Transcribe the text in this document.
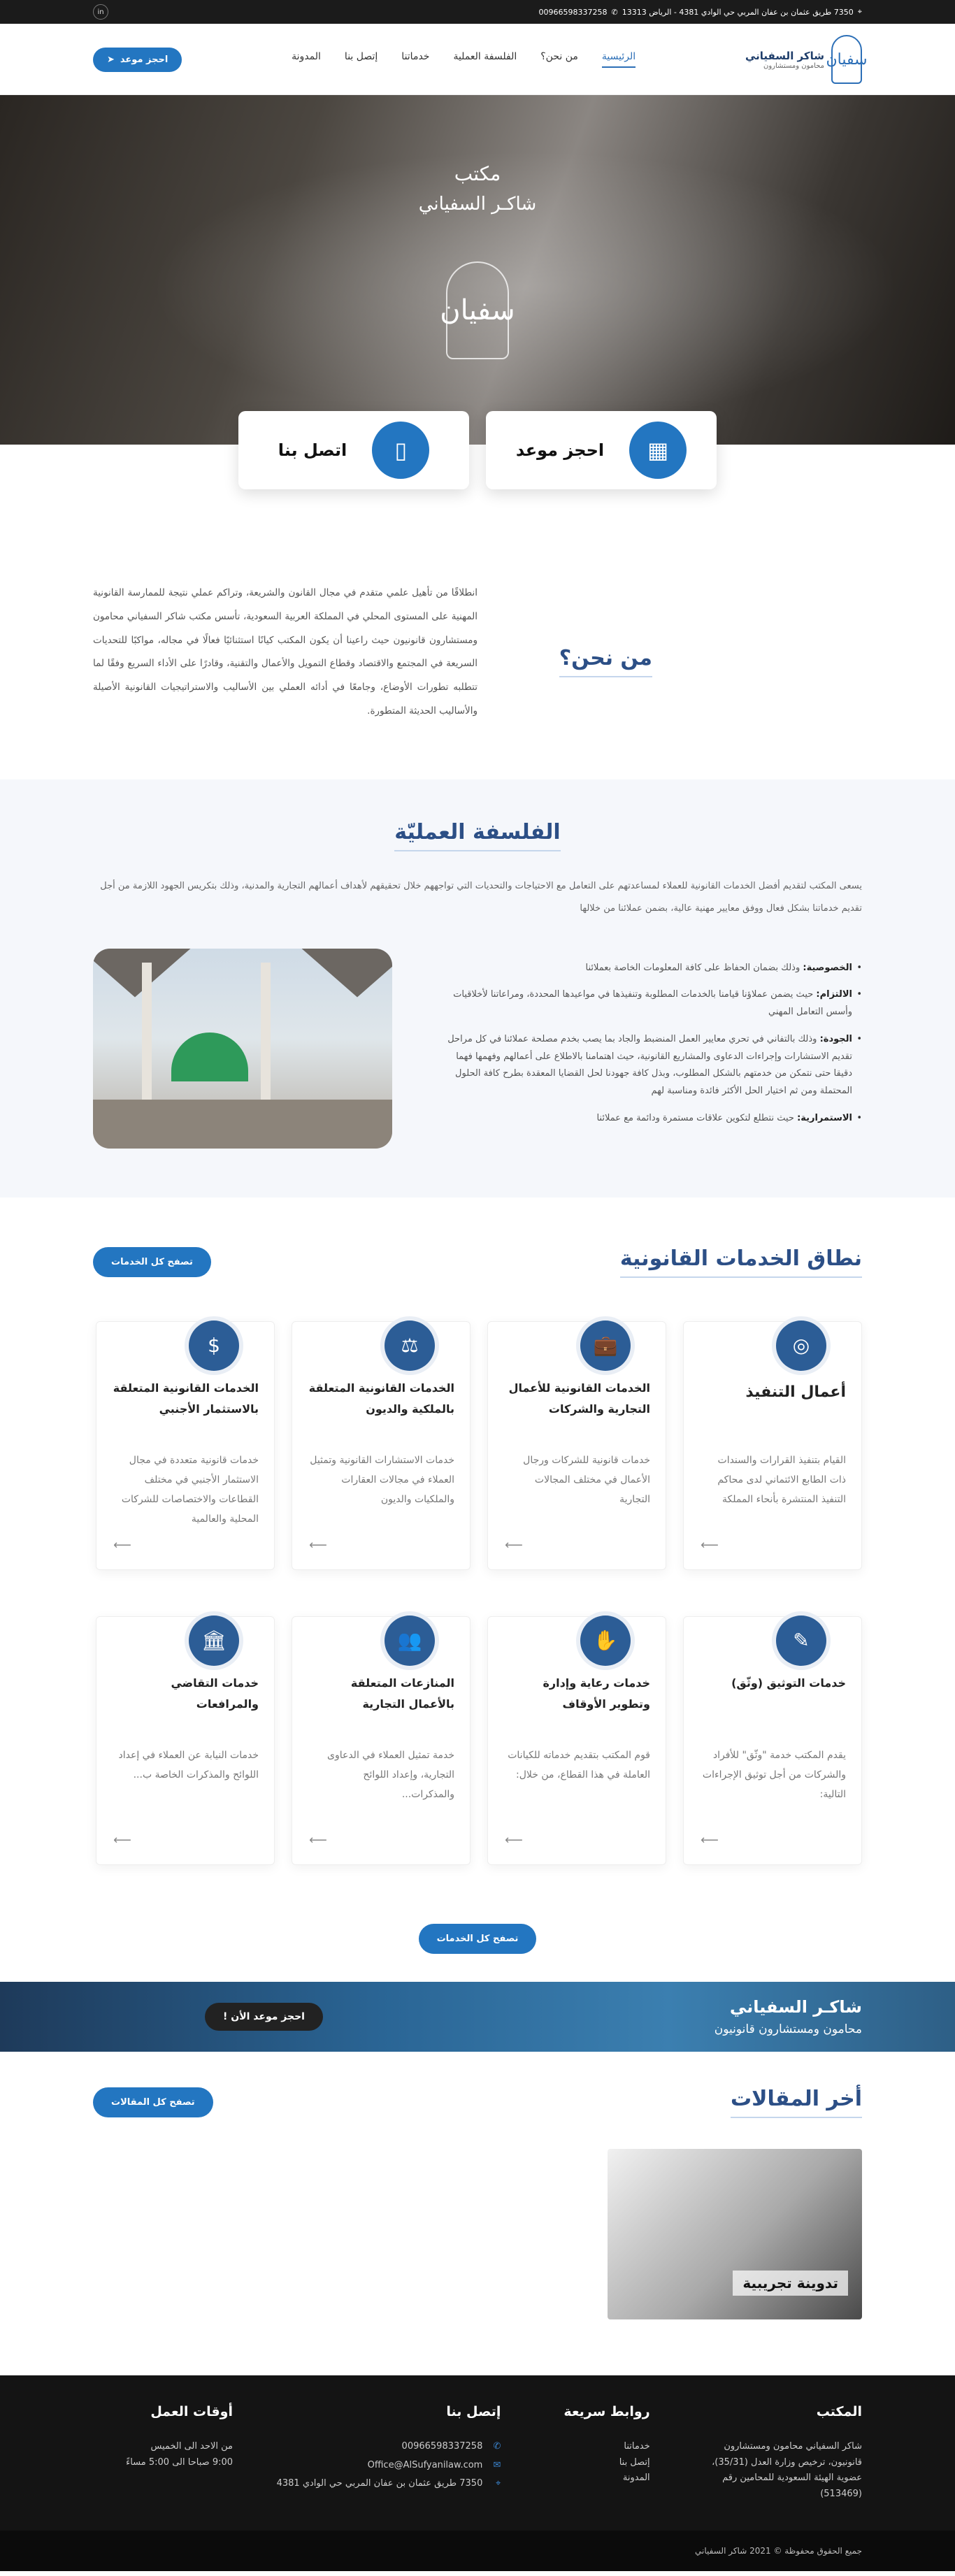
⌖
7350 طريق عثمان بن عفان المربي حي الوادي 4381 - الرياض 13313
✆
00966598337258
in
سفيان
شاكر السفياني
محامون ومستشارون
الرئيسية
من نحن؟
الفلسفة العملية
خدماتنا
إتصل بنا
المدونة
احجز موعد
➤
مكتب
شاكـر السفياني
سفيان
▦
احجز موعد
▯
اتصل بنا
من نحن؟

انطلاقًا من تأهيل علمي متقدم في مجال القانون والشريعة، وتراكم عملي نتيجة للممارسة القانونية المهنية على المستوى المحلي في المملكة العربية السعودية، تأسس مكتب شاكر السفياني محامون ومستشارون قانونيون حيث راعينا أن يكون المكتب كيانًا استثنائيًا فعالًا في مجاله، مواكبًا للتحديات السريعة في المجتمع والاقتصاد وقطاع التمويل والأعمال والتقنية، وقادرًا على الأداء السريع وفقًا لما تتطلبه تطورات الأوضاع، وجامعًا في أدائه العملي بين الأساليب والاستراتيجيات القانونية الأصيلة والأساليب الحديثة المتطورة.

الفلسفة العمليّة

يسعى المكتب لتقديم أفضل الخدمات القانونية للعملاء لمساعدتهم على التعامل مع الاحتياجات والتحديات التي تواجههم خلال تحقيقهم لأهداف أعمالهم التجارية والمدنية، وذلك بتكريس الجهود اللازمة من أجل تقديم خدماتنا بشكل فعال ووفق معايير مهنية عالية، بضمن عملائنا من خلالها

• الخصوصية: وذلك بضمان الحفاظ على كافة المعلومات الخاصة بعملائنا
• الالتزام: حيث يضمن عملاؤنا قيامنا بالخدمات المطلوبة وتنفيذها في مواعيدها المحددة، ومراعاتنا لأخلاقيات وأسس التعامل المهني
• الجودة: وذلك بالتفاني في تحري معايير العمل المنضبط والجاد بما يصب بخدم مصلحة عملائنا في كل مراحل تقديم الاستشارات وإجراءات الدعاوى والمشاريع القانونية، حيث اهتمامنا بالاطلاع على أعمالهم وفهمها فهما دقيقا حتى نتمكن من خدمتهم بالشكل المطلوب، وبذل كافة جهودنا لحل القضايا المعقدة بطرح كافة الحلول المحتملة ومن ثم اختيار الحل الأكثر فائدة ومناسبة لهم
• الاستمرارية: حيث نتطلع لتكوين علاقات مستمرة ودائمة مع عملائنا
نطاق الخدمات القانونية
تصفح كل الخدمات
◎
أعمال التنفيذ
القيام بتنفيذ القرارات والسندات ذات الطابع الائتماني لدى محاكم التنفيذ المنتشرة بأنحاء المملكة
⟵
💼
الخدمات القانونية للأعمال التجارية والشركات
خدمات قانونية للشركات ورجال الأعمال في مختلف المجالات التجارية
⟵
⚖
الخدمات القانونية المتعلقة بالملكية والديون
خدمات الاستشارات القانونية وتمثيل العملاء في مجالات العقارات والملكيات والديون
⟵
$
الخدمات القانونية المتعلقة بالاستثمار الأجنبي
خدمات قانونية متعددة في مجال الاستثمار الأجنبي في مختلف القطاعات والاختصاصات للشركات المحلية والعالمية
⟵
✎
خدمات التوثيق (وثّق)
يقدم المكتب خدمة "وثّق" للأفراد والشركات من أجل توثيق الإجراءات التالية:
⟵
✋
خدمات رعاية وإدارة وتطوير الأوقاف
قوم المكتب بتقديم خدماته للكيانات العاملة في هذا القطاع، من خلال:
⟵
👥
المنازعات المتعلقة بالأعمال التجارية
خدمة تمثيل العملاء في الدعاوى التجارية، وإعداد اللوائح والمذكرات...
⟵
🏛
خدمات التقاضي والمرافعات
خدمات النيابة عن العملاء في إعداد اللوائح والمذكرات الخاصة ب...
⟵
تصفح كل الخدمات
شاكـر السفياني
محامون ومستشارون قانونيون
احجز موعد الأن !
أخر المقالات
تصفح كل المقالات
تدوينة تجريبية
المكتب
شاكر السفياني محامون ومستشارون قانونيون، ترخيص وزارة العدل (35/31)، عضوية الهيئة السعودية للمحامين رقم (513469)
روابط سريعة
خدماتنا
إتصل بنا
المدونة
إتصل بنا
✆
00966598337258
✉
Office@AlSufyanilaw.com
⌖
7350 طريق عثمان بن عفان المربي حي الوادي 4381
أوقات العمل
من الاحد الى الخميس
9:00 صباحا الى 5:00 مساءً
جميع الحقوق محفوظة © 2021 شاكر السفياني
